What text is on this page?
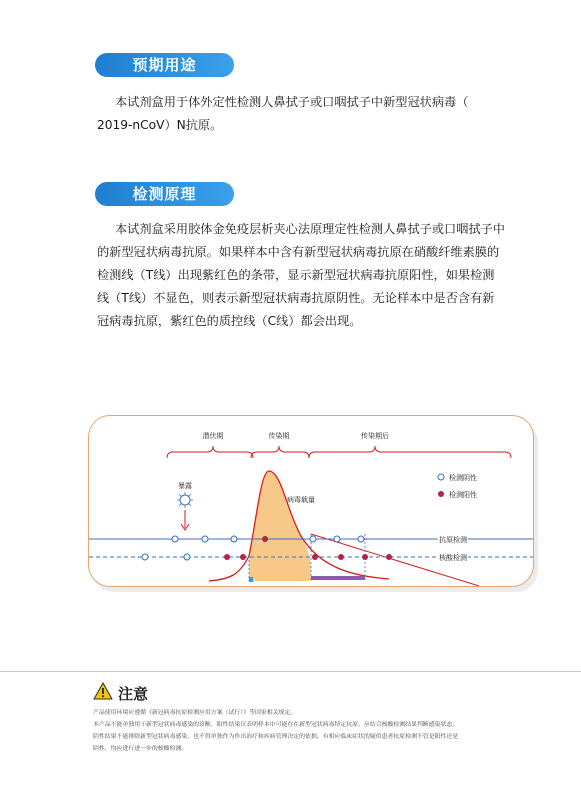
预期用途
本试剂盒用于体外定性检测人鼻拭子或口咽拭子中新型冠状病毒（
2019-nCoV）N抗原。
检测原理
本试剂盒采用胶体金免疫层析夹心法原理定性检测人鼻拭子或口咽拭子中
的新型冠状病毒抗原。如果样本中含有新型冠状病毒抗原在硝酸纤维素膜的
检测线（T线）出现紫红色的条带，显示新型冠状病毒抗原阳性，如果检测
线（T线）不显色，则表示新型冠状病毒抗原阴性。无论样本中是否含有新
冠病毒抗原，紫红色的质控线（C线）都会出现。
潜伏期	传染期	传染期后
暴露
病毒载量
检测阴性
检测阳性
抗原检测
核酸检测
注意
产品使用环境应遵循《新冠病毒抗原检测应用方案（试行）》等国家相关规定。
本产品不能单独用于新型冠状病毒感染的诊断，阳性结果仅表明样本中可能存在新型冠状病毒特定抗原，应结合核酸检测结果判断感染状态。
阴性结果不能排除新型冠状病毒感染，也不得单独作为作出治疗和疾病管理决定的依据。有相应临床症状的疑似患者抗原检测不管是阳性还是
阴性，均应进行进一步的核酸检测。
